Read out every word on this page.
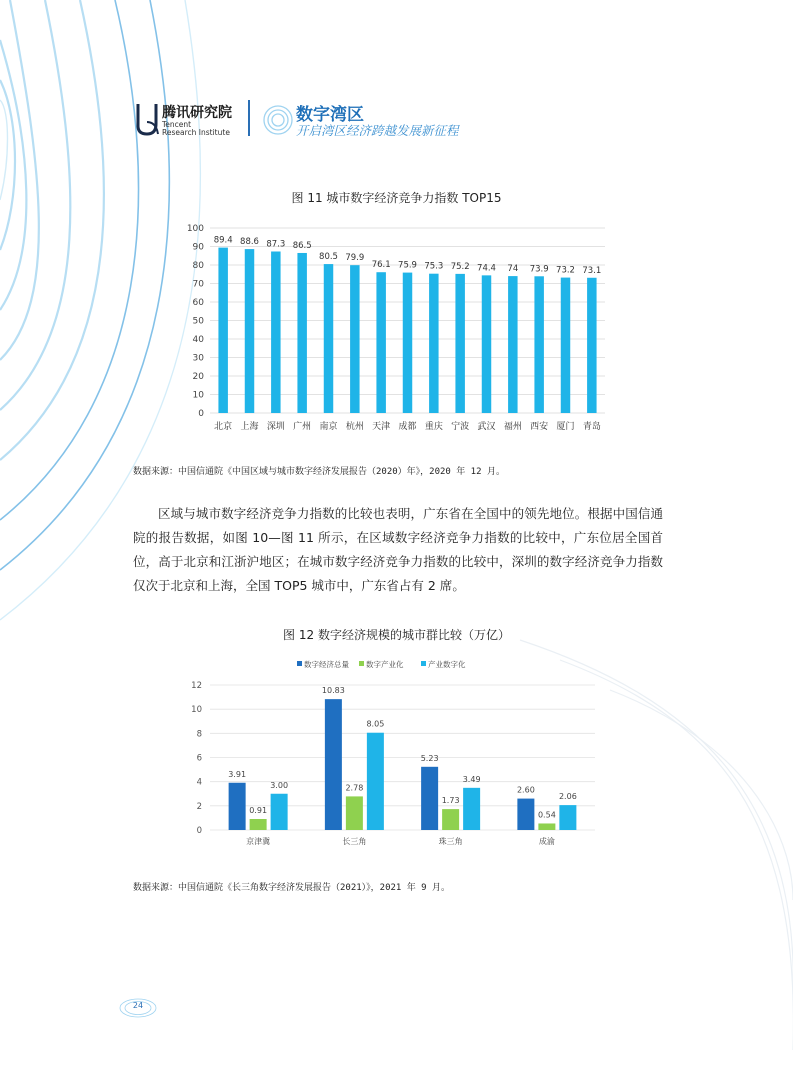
腾讯研究院
Tencent
Research Institute
数字湾区
开启湾区经济跨越发展新征程
图 11 城市数字经济竞争力指数 TOP15
0
10
20
30
40
50
60
70
80
90
100
89.4
北京
88.6
上海
87.3
深圳
86.5
广州
80.5
南京
79.9
杭州
76.1
天津
75.9
成都
75.3
重庆
75.2
宁波
74.4
武汉
74
福州
73.9
西安
73.2
厦门
73.1
青岛
数据来源：中国信通院《中国区域与城市数字经济发展报告（2020）年》，2020 年 12 月。

区域与城市数字经济竞争力指数的比较也表明，广东省在全国中的领先地位。根据中国信通院的报告数据，如图 10—图 11 所示，在区域数字经济竞争力指数的比较中，广东位居全国首位，高于北京和江浙沪地区；在城市数字经济竞争力指数的比较中，深圳的数字经济竞争力指数仅次于北京和上海，全国 TOP5 城市中，广东省占有 2 席。

图 12 数字经济规模的城市群比较（万亿）
数字经济总量 数字产业化	产业数字化
0
2
4
6
8
10
12
3.91
0.91
3.00
京津冀
10.83
2.78
8.05
长三角
5.23
1.73
3.49
珠三角
2.60
0.54
2.06
成渝
数据来源：中国信通院《长三角数字经济发展报告（2021）》，2021 年 9 月。
24
